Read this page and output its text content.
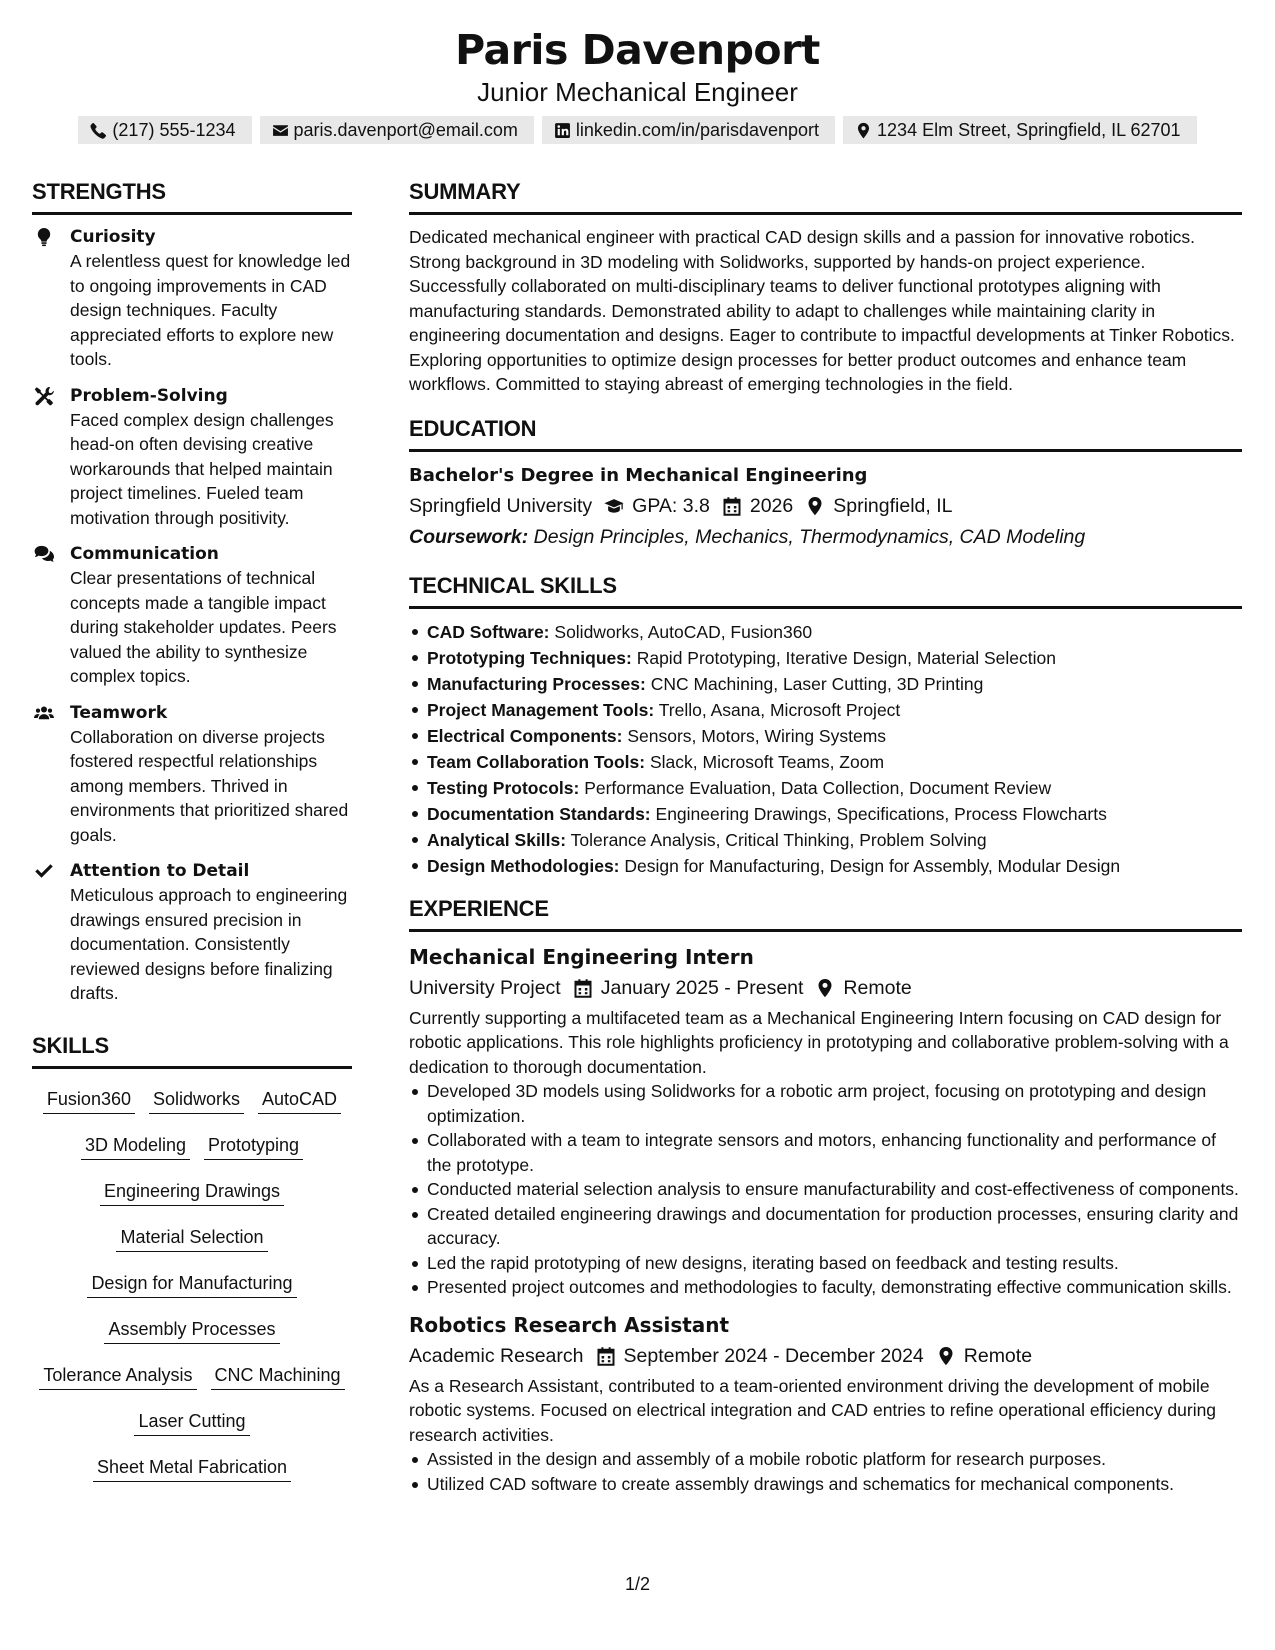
Paris Davenport
Junior Mechanical Engineer
(217) 555-1234	paris.davenport@email.com	linkedin.com/in/parisdavenport	1234 Elm Street, Springfield, IL 62701
STRENGTHS
Curiosity
A relentless quest for knowledge led to ongoing improvements in CAD design techniques. Faculty appreciated efforts to explore new tools.
Problem-Solving
Faced complex design challenges head-on often devising creative workarounds that helped maintain project timelines. Fueled team motivation through positivity.
Communication
Clear presentations of technical concepts made a tangible impact during stakeholder updates. Peers valued the ability to synthesize complex topics.
Teamwork
Collaboration on diverse projects fostered respectful relationships among members. Thrived in environments that prioritized shared goals.
Attention to Detail
Meticulous approach to engineering drawings ensured precision in documentation. Consistently reviewed designs before finalizing drafts.
SKILLS
Fusion360 Solidworks AutoCAD
3D Modeling Prototyping
Engineering Drawings
Material Selection
Design for Manufacturing
Assembly Processes
Tolerance Analysis CNC Machining
Laser Cutting
Sheet Metal Fabrication
SUMMARY
Dedicated mechanical engineer with practical CAD design skills and a passion for innovative robotics. Strong background in 3D modeling with Solidworks, supported by hands-on project experience. Successfully collaborated on multi-disciplinary teams to deliver functional prototypes aligning with manufacturing standards. Demonstrated ability to adapt to challenges while maintaining clarity in engineering documentation and designs. Eager to contribute to impactful developments at Tinker Robotics. Exploring opportunities to optimize design processes for better product outcomes and enhance team workflows. Committed to staying abreast of emerging technologies in the field.
EDUCATION
Bachelor's Degree in Mechanical Engineering
Springfield University GPA: 3.8 2026 Springfield, IL
Coursework: Design Principles, Mechanics, Thermodynamics, CAD Modeling
TECHNICAL SKILLS
CAD Software: Solidworks, AutoCAD, Fusion360
Prototyping Techniques: Rapid Prototyping, Iterative Design, Material Selection
Manufacturing Processes: CNC Machining, Laser Cutting, 3D Printing
Project Management Tools: Trello, Asana, Microsoft Project
Electrical Components: Sensors, Motors, Wiring Systems
Team Collaboration Tools: Slack, Microsoft Teams, Zoom
Testing Protocols: Performance Evaluation, Data Collection, Document Review
Documentation Standards: Engineering Drawings, Specifications, Process Flowcharts
Analytical Skills: Tolerance Analysis, Critical Thinking, Problem Solving
Design Methodologies: Design for Manufacturing, Design for Assembly, Modular Design
EXPERIENCE
Mechanical Engineering Intern
University Project January 2025 - Present Remote
Currently supporting a multifaceted team as a Mechanical Engineering Intern focusing on CAD design for robotic applications. This role highlights proficiency in prototyping and collaborative problem-solving with a dedication to thorough documentation.
Developed 3D models using Solidworks for a robotic arm project, focusing on prototyping and design optimization.
Collaborated with a team to integrate sensors and motors, enhancing functionality and performance of the prototype.
Conducted material selection analysis to ensure manufacturability and cost-effectiveness of components.
Created detailed engineering drawings and documentation for production processes, ensuring clarity and accuracy.
Led the rapid prototyping of new designs, iterating based on feedback and testing results.
Presented project outcomes and methodologies to faculty, demonstrating effective communication skills.
Robotics Research Assistant
Academic Research September 2024 - December 2024 Remote
As a Research Assistant, contributed to a team-oriented environment driving the development of mobile robotic systems. Focused on electrical integration and CAD entries to refine operational efficiency during research activities.
Assisted in the design and assembly of a mobile robotic platform for research purposes.
Utilized CAD software to create assembly drawings and schematics for mechanical components.
1/2
